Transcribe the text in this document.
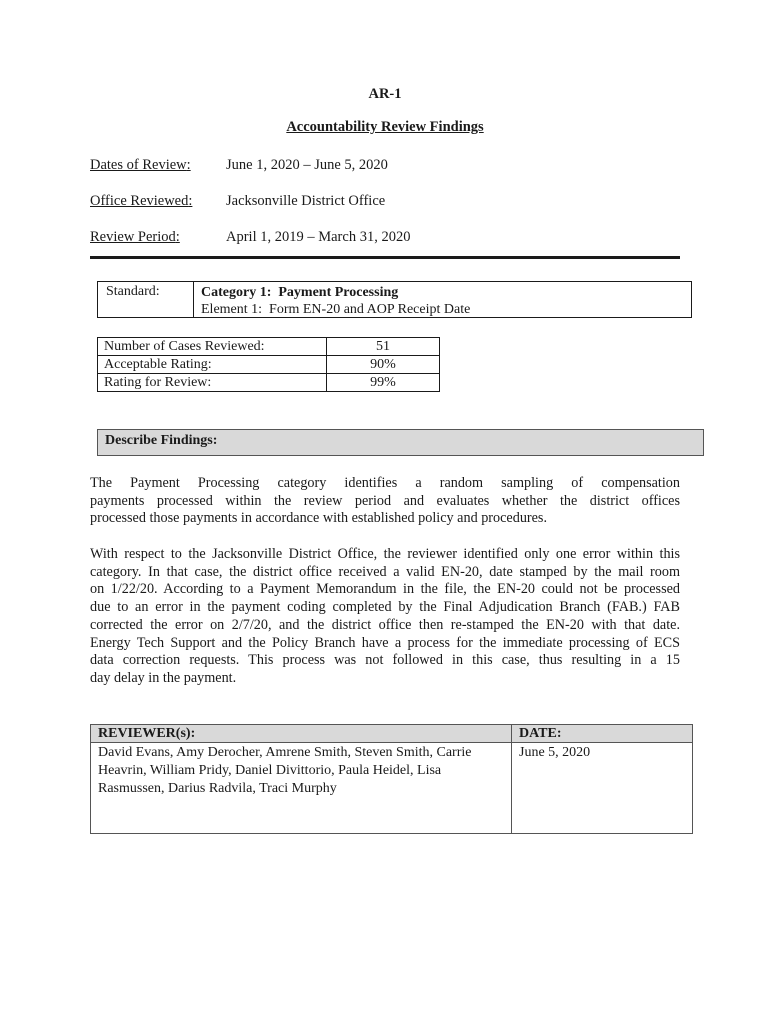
AR-1
Accountability Review Findings
Dates of Review: June 1, 2020 – June 5, 2020
Office Reviewed: Jacksonville District Office
Review Period:	April 1, 2019 – March 31, 2020
Standard:	Category 1:  Payment Processing
Element 1:  Form EN-20 and AOP Receipt Date
Number of Cases Reviewed:	51
Acceptable Rating:	90%
Rating for Review:	99%
Describe Findings:
The Payment Processing category identifies a random sampling of compensation
payments processed within the review period and evaluates whether the district offices
processed those payments in accordance with established policy and procedures.
With respect to the Jacksonville District Office, the reviewer identified only one error within this
category. In that case, the district office received a valid EN-20, date stamped by the mail room
on 1/22/20. According to a Payment Memorandum in the file, the EN-20 could not be processed
due to an error in the payment coding completed by the Final Adjudication Branch (FAB.) FAB
corrected the error on 2/7/20, and the district office then re-stamped the EN-20 with that date.
Energy Tech Support and the Policy Branch have a process for the immediate processing of ECS
data correction requests. This process was not followed in this case, thus resulting in a 15
day delay in the payment.
REVIEWER(s):	DATE:

David Evans, Amy Derocher, Amrene Smith, Steven Smith, Carrie
Heavrin, William Pridy, Daniel Divittorio, Paula Heidel, Lisa
Rasmussen, Darius Radvila, Traci Murphy	June 5, 2020
